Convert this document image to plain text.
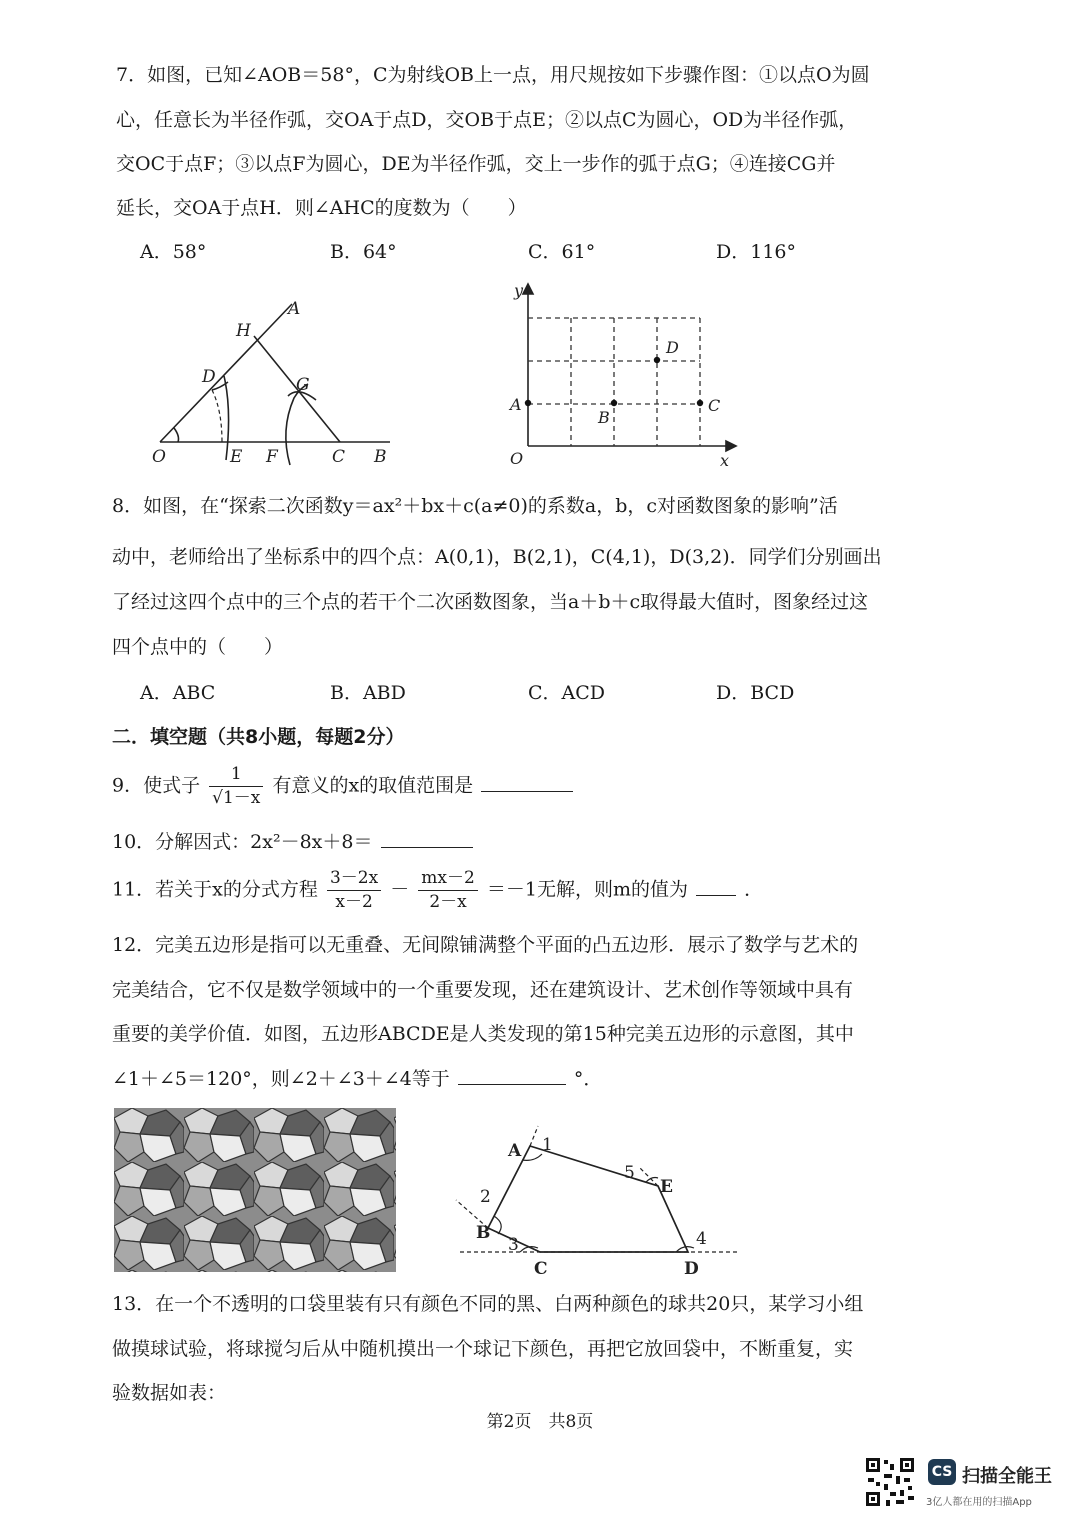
7．如图，已知∠AOB＝58°，C为射线OB上一点，用尺规按如下步骤作图：①以点O为圆
心，任意长为半径作弧，交OA于点D，交OB于点E；②以点C为圆心，OD为半径作弧，
交OC于点F；③以点F为圆心，DE为半径作弧，交上一步作的弧于点G；④连接CG并
延长，交OA于点H．则∠AHC的度数为（　　）
A．58°	B．64°	C．61°	D．116°
O	E F	C B
D
H
A
G
y
x
O
A
B
C
D
8．如图，在“探索二次函数y＝ax²＋bx＋c(a≠0)的系数a，b，c对函数图象的影响”活
动中，老师给出了坐标系中的四个点：A(0,1)，B(2,1)，C(4,1)，D(3,2)．同学们分别画出
了经过这四个点中的三个点的若干个二次函数图象，当a＋b＋c取得最大值时，图象经过这
四个点中的（　　）
A．ABC	B．ABD	C．ACD	D．BCD
二．填空题（共8小题，每题2分）
9．使式子 $\frac{1}{√1-x}$ 有意义的x的取值范围是
10．分解因式：2x²－8x＋8＝
11．若关于x的分式方程 $\frac{3-2x}{x-2} - \frac{mx-2}{2-x} =-1$无解，则m的值为	．
12．完美五边形是指可以无重叠、无间隙铺满整个平面的凸五边形．展示了数学与艺术的
完美结合，它不仅是数学领域中的一个重要发现，还在建筑设计、艺术创作等领域中具有
重要的美学价值．如图，五边形ABCDE是人类发现的第15种完美五边形的示意图，其中
∠1＋∠5＝120°，则∠2＋∠3＋∠4等于	°．
A
B
C	D
E
1
2
3	4
5
13．在一个不透明的口袋里装有只有颜色不同的黑、白两种颜色的球共20只，某学习小组
做摸球试验，将球搅匀后从中随机摸出一个球记下颜色，再把它放回袋中，不断重复，实
验数据如表：
第2页　共8页
CS 扫描全能王
3亿人都在用的扫描App
